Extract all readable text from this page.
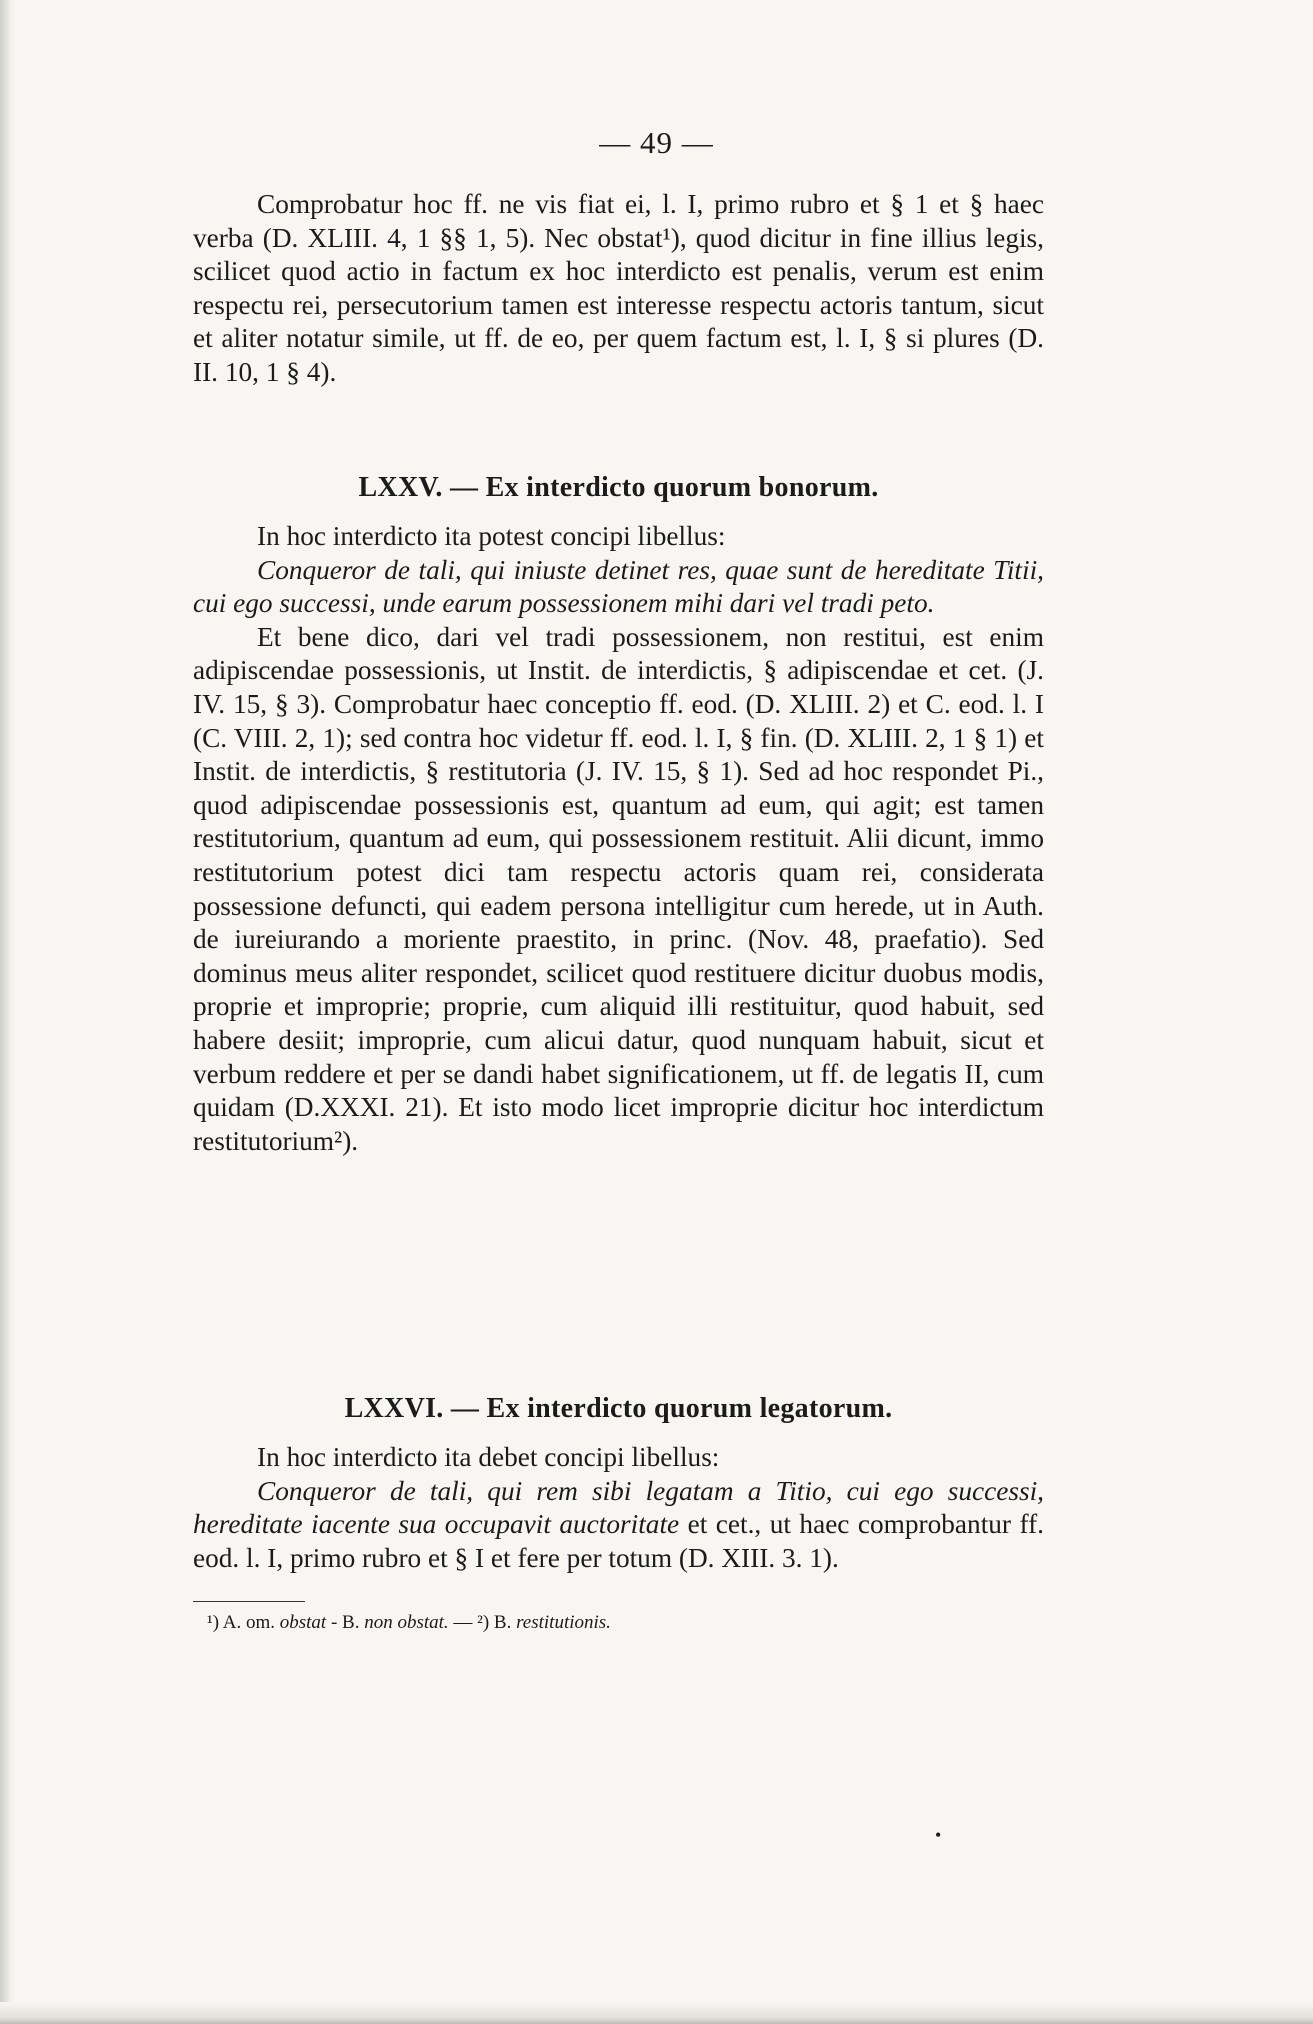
— 49 —

Comprobatur hoc ff. ne vis fiat ei, l. I, primo rubro et § 1 et § haec verba (D. XLIII. 4, 1 §§ 1, 5). Nec obstat¹), quod dicitur in fine illius legis, scilicet quod actio in factum ex hoc interdicto est penalis, verum est enim respectu rei, persecutorium tamen est interesse respectu actoris tantum, sicut et aliter notatur simile, ut ff. de eo, per quem factum est, l. I, § si plures (D. II. 10, 1 § 4).

LXXV. — Ex interdicto quorum bonorum.

In hoc interdicto ita potest concipi libellus:

Conqueror de tali, qui iniuste detinet res, quae sunt de hereditate Titii, cui ego successi, unde earum possessionem mihi dari vel tradi peto.

Et bene dico, dari vel tradi possessionem, non restitui, est enim adipiscendae possessionis, ut Instit. de interdictis, § adipiscendae et cet. (J. IV. 15, § 3). Comprobatur haec conceptio ff. eod. (D. XLIII. 2) et C. eod. l. I (C. VIII. 2, 1); sed contra hoc videtur ff. eod. l. I, § fin. (D. XLIII. 2, 1 § 1) et Instit. de interdictis, § restitutoria (J. IV. 15, § 1). Sed ad hoc respondet Pi., quod adipiscendae possessionis est, quantum ad eum, qui agit; est tamen restitutorium, quantum ad eum, qui possessionem restituit. Alii dicunt, immo restitutorium potest dici tam respectu actoris quam rei, considerata possessione defuncti, qui eadem persona intelligitur cum herede, ut in Auth. de iureiurando a moriente praestito, in princ. (Nov. 48, praefatio). Sed dominus meus aliter respondet, scilicet quod restituere dicitur duobus modis, proprie et improprie; proprie, cum aliquid illi restituitur, quod habuit, sed habere desiit; improprie, cum alicui datur, quod nunquam habuit, sicut et verbum reddere et per se dandi habet significationem, ut ff. de legatis II, cum quidam (D.XXXI. 21). Et isto modo licet improprie dicitur hoc interdictum restitutorium²).

LXXVI. — Ex interdicto quorum legatorum.

In hoc interdicto ita debet concipi libellus:

Conqueror de tali, qui rem sibi legatam a Titio, cui ego successi, hereditate iacente sua occupavit auctoritate et cet., ut haec comprobantur ff. eod. l. I, primo rubro et § I et fere per totum (D. XIII. 3. 1).

¹) A. om. obstat - B. non obstat. — ²) B. restitutionis.
•
